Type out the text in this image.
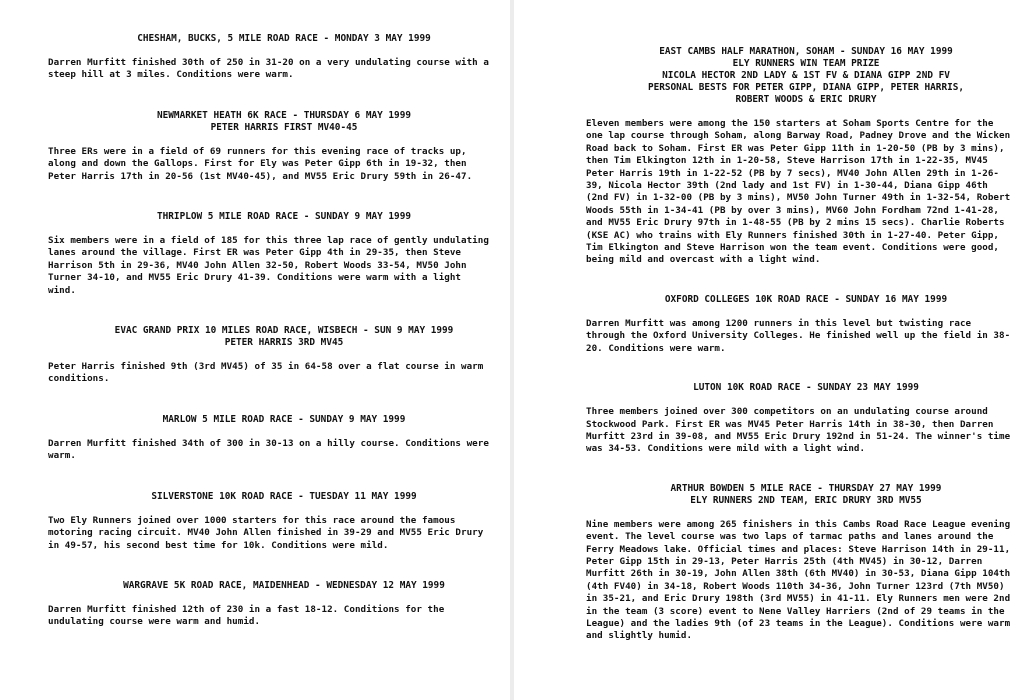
CHESHAM, BUCKS, 5 MILE ROAD RACE - MONDAY 3 MAY 1999

Darren Murfitt finished 30th of 250 in 31-20 on a very undulating course with a steep hill at 3 miles. Conditions were warm.

NEWMARKET HEATH 6K RACE - THURSDAY 6 MAY 1999
PETER HARRIS FIRST MV40-45

Three ERs were in a field of 69 runners for this evening race of tracks up, along and down the Gallops. First for Ely was Peter Gipp 6th in 19-32, then Peter Harris 17th in 20-56 (1st MV40-45), and MV55 Eric Drury 59th in 26-47.

THRIPLOW 5 MILE ROAD RACE - SUNDAY 9 MAY 1999

Six members were in a field of 185 for this three lap race of gently undulating lanes around the village. First ER was Peter Gipp 4th in 29-35, then Steve Harrison 5th in 29-36, MV40 John Allen 32-50, Robert Woods 33-54, MV50 John Turner 34-10, and MV55 Eric Drury 41-39. Conditions were warm with a light wind.

EVAC GRAND PRIX 10 MILES ROAD RACE, WISBECH - SUN 9 MAY 1999
PETER HARRIS 3RD MV45

Peter Harris finished 9th (3rd MV45) of 35 in 64-58 over a flat course in warm conditions.

MARLOW 5 MILE ROAD RACE - SUNDAY 9 MAY 1999

Darren Murfitt finished 34th of 300 in 30-13 on a hilly course. Conditions were warm.

SILVERSTONE 10K ROAD RACE - TUESDAY 11 MAY 1999

Two Ely Runners joined over 1000 starters for this race around the famous motoring racing circuit. MV40 John Allen finished in 39-29 and MV55 Eric Drury in 49-57, his second best time for 10k. Conditions were mild.

WARGRAVE 5K ROAD RACE, MAIDENHEAD - WEDNESDAY 12 MAY 1999

Darren Murfitt finished 12th of 230 in a fast 18-12. Conditions for the undulating course were warm and humid.

EAST CAMBS HALF MARATHON, SOHAM - SUNDAY 16 MAY 1999
ELY RUNNERS WIN TEAM PRIZE
NICOLA HECTOR 2ND LADY & 1ST FV & DIANA GIPP 2ND FV
PERSONAL BESTS FOR PETER GIPP, DIANA GIPP, PETER HARRIS,
ROBERT WOODS & ERIC DRURY

Eleven members were among the 150 starters at Soham Sports Centre for the one lap course through Soham, along Barway Road, Padney Drove and the Wicken Road back to Soham. First ER was Peter Gipp 11th in 1-20-50 (PB by 3 mins), then Tim Elkington 12th in 1-20-58, Steve Harrison 17th in 1-22-35, MV45 Peter Harris 19th in 1-22-52 (PB by 7 secs), MV40 John Allen 29th in 1-26-39, Nicola Hector 39th (2nd lady and 1st FV) in 1-30-44, Diana Gipp 46th (2nd FV) in 1-32-00 (PB by 3 mins), MV50 John Turner 49th in 1-32-54, Robert Woods 55th in 1-34-41 (PB by over 3 mins), MV60 John Fordham 72nd 1-41-28, and MV55 Eric Drury 97th in 1-48-55 (PB by 2 mins 15 secs). Charlie Roberts (KSE AC) who trains with Ely Runners finished 30th in 1-27-40. Peter Gipp, Tim Elkington and Steve Harrison won the team event. Conditions were good, being mild and overcast with a light wind.

OXFORD COLLEGES 10K ROAD RACE - SUNDAY 16 MAY 1999

Darren Murfitt was among 1200 runners in this level but twisting race through the Oxford University Colleges. He finished well up the field in 38-20. Conditions were warm.

LUTON 10K ROAD RACE - SUNDAY 23 MAY 1999

Three members joined over 300 competitors on an undulating course around Stockwood Park. First ER was MV45 Peter Harris 14th in 38-30, then Darren Murfitt 23rd in 39-08, and MV55 Eric Drury 192nd in 51-24. The winner's time was 34-53. Conditions were mild with a light wind.

ARTHUR BOWDEN 5 MILE RACE - THURSDAY 27 MAY 1999
ELY RUNNERS 2ND TEAM, ERIC DRURY 3RD MV55

Nine members were among 265 finishers in this Cambs Road Race League evening event. The level course was two laps of tarmac paths and lanes around the Ferry Meadows lake. Official times and places: Steve Harrison 14th in 29-11, Peter Gipp 15th in 29-13, Peter Harris 25th (4th MV45) in 30-12, Darren Murfitt 26th in 30-19, John Allen 38th (6th MV40) in 30-53, Diana Gipp 104th (4th FV40) in 34-18, Robert Woods 110th 34-36, John Turner 123rd (7th MV50) in 35-21, and Eric Drury 198th (3rd MV55) in 41-11. Ely Runners men were 2nd in the team (3 score) event to Nene Valley Harriers (2nd of 29 teams in the League) and the ladies 9th (of 23 teams in the League). Conditions were warm and slightly humid.
